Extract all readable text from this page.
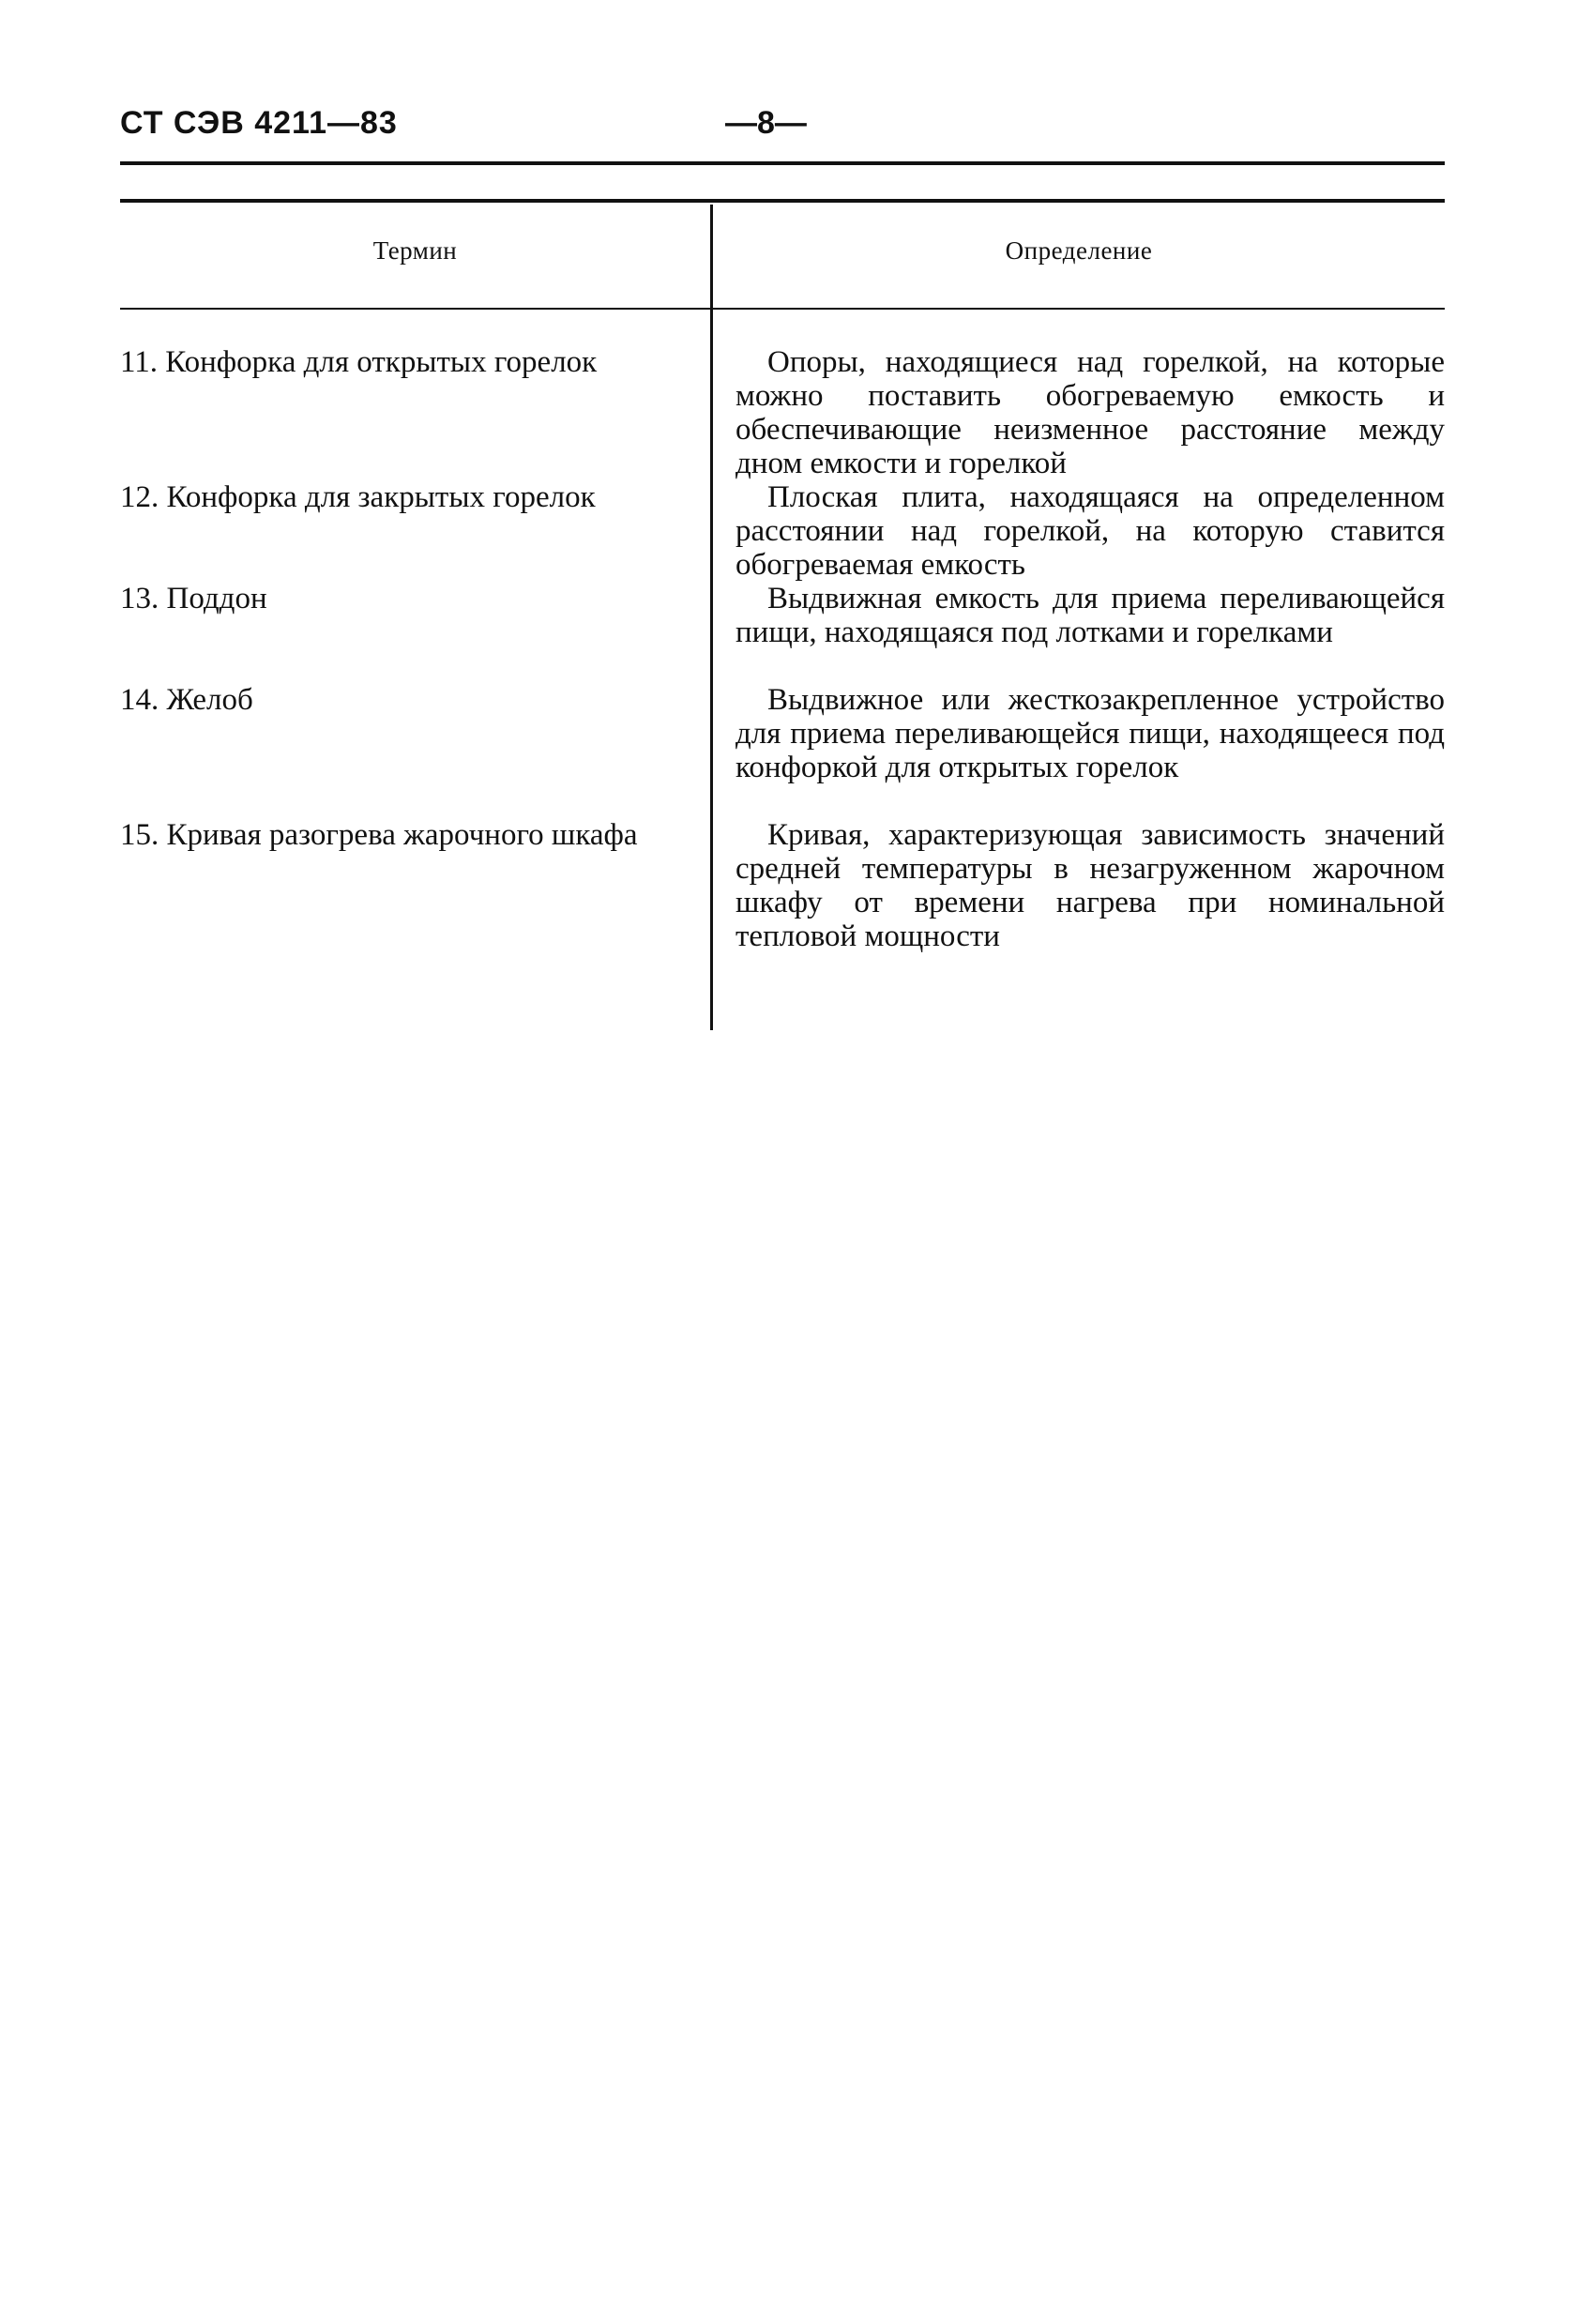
СТ СЭВ 4211—83	—8—
Термин	Определение
11. Конфорка для открытых горелок	Опоры, находящиеся над горелкой, на которые можно поставить обогреваемую емкость и обеспечивающие неизменное расстояние между дном емкости и горелкой
12. Конфорка для закрытых горелок	Плоская плита, находящаяся на определенном расстоянии над горелкой, на которую ставится обогреваемая емкость
13. Поддон	Выдвижная емкость для приема переливающейся пищи, находящаяся под лотками и горелками
14. Желоб	Выдвижное или жесткозакрепленное устройство для приема переливающейся пищи, находящееся под конфоркой для открытых горелок
15. Кривая разогрева жарочного шкафа	Кривая, характеризующая зависимость значений средней температуры в незагруженном жарочном шкафу от времени нагрева при номинальной тепловой мощности
